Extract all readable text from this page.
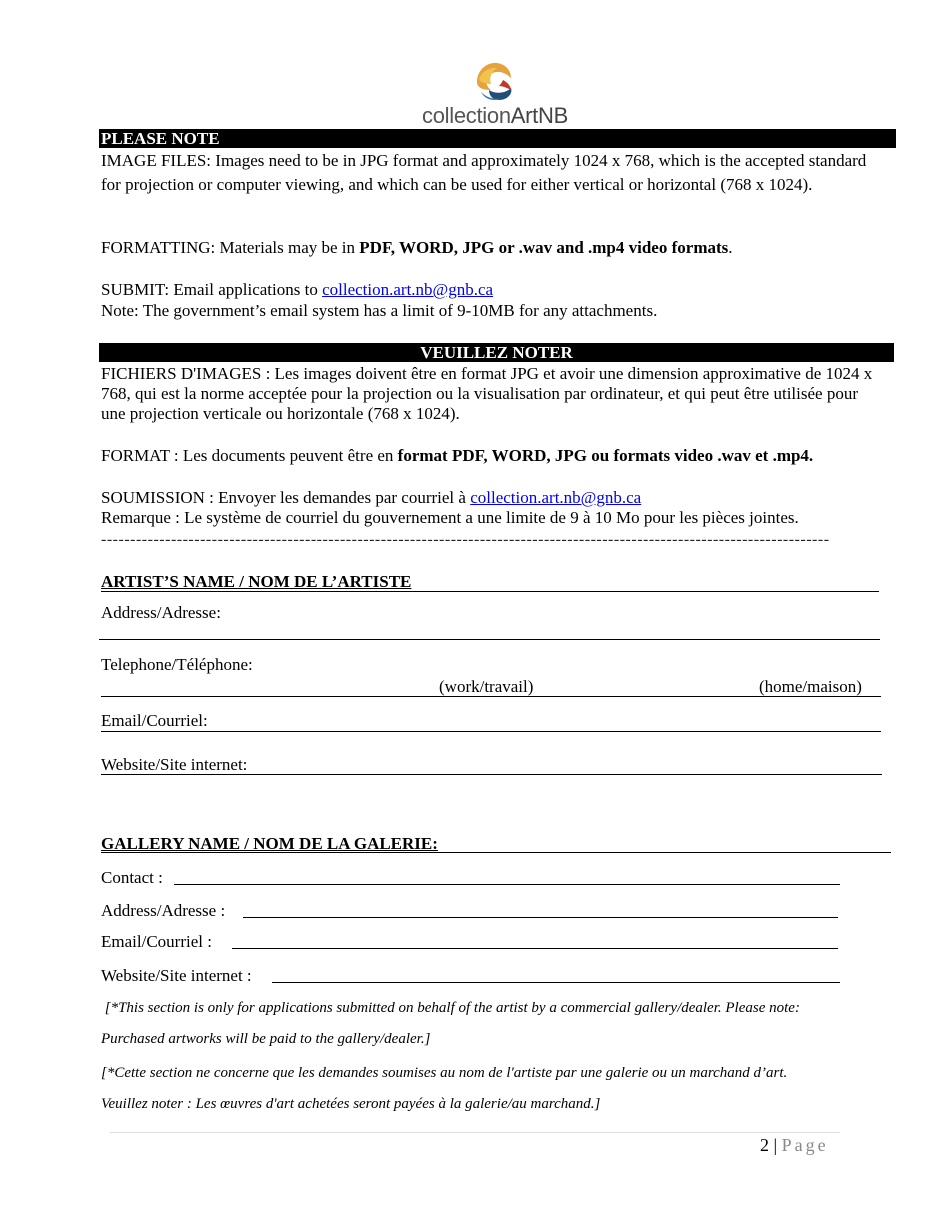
collectionArtNB
PLEASE NOTE
IMAGE FILES: Images need to be in JPG format and approximately 1024 x 768, which is the accepted standard for projection or computer viewing, and which can be used for either vertical or horizontal (768 x 1024).
FORMATTING: Materials may be in PDF, WORD, JPG or .wav and .mp4 video formats.
SUBMIT: Email applications to collection.art.nb@gnb.ca
Note: The government’s email system has a limit of 9-10MB for any attachments.
VEUILLEZ NOTER
FICHIERS D'IMAGES : Les images doivent être en format JPG et avoir une dimension approximative de 1024 x 768, qui est la norme acceptée pour la projection ou la visualisation par ordinateur, et qui peut être utilisée pour une projection verticale ou horizontale (768 x 1024).
FORMAT : Les documents peuvent être en format PDF, WORD, JPG ou formats video .wav et .mp4.
SOUMISSION : Envoyer les demandes par courriel à collection.art.nb@gnb.ca
Remarque : Le système de courriel du gouvernement a une limite de 9 à 10 Mo pour les pièces jointes.
-----------------------------------------------------------------------------------------------------------------------------
ARTIST’S NAME / NOM DE L’ARTISTE
Address/Adresse:
Telephone/Téléphone:
(work/travail)	(home/maison)
Email/Courriel:
Website/Site internet:
GALLERY NAME / NOM DE LA GALERIE:
Contact :
Address/Adresse :
Email/Courriel :
Website/Site internet :
[*This section is only for applications submitted on behalf of the artist by a commercial gallery/dealer. Please note:
Purchased artworks will be paid to the gallery/dealer.]
[*Cette section ne concerne que les demandes soumises au nom de l'artiste par une galerie ou un marchand d’art.
Veuillez noter : Les œuvres d'art achetées seront payées à la galerie/au marchand.]
2 | Page
